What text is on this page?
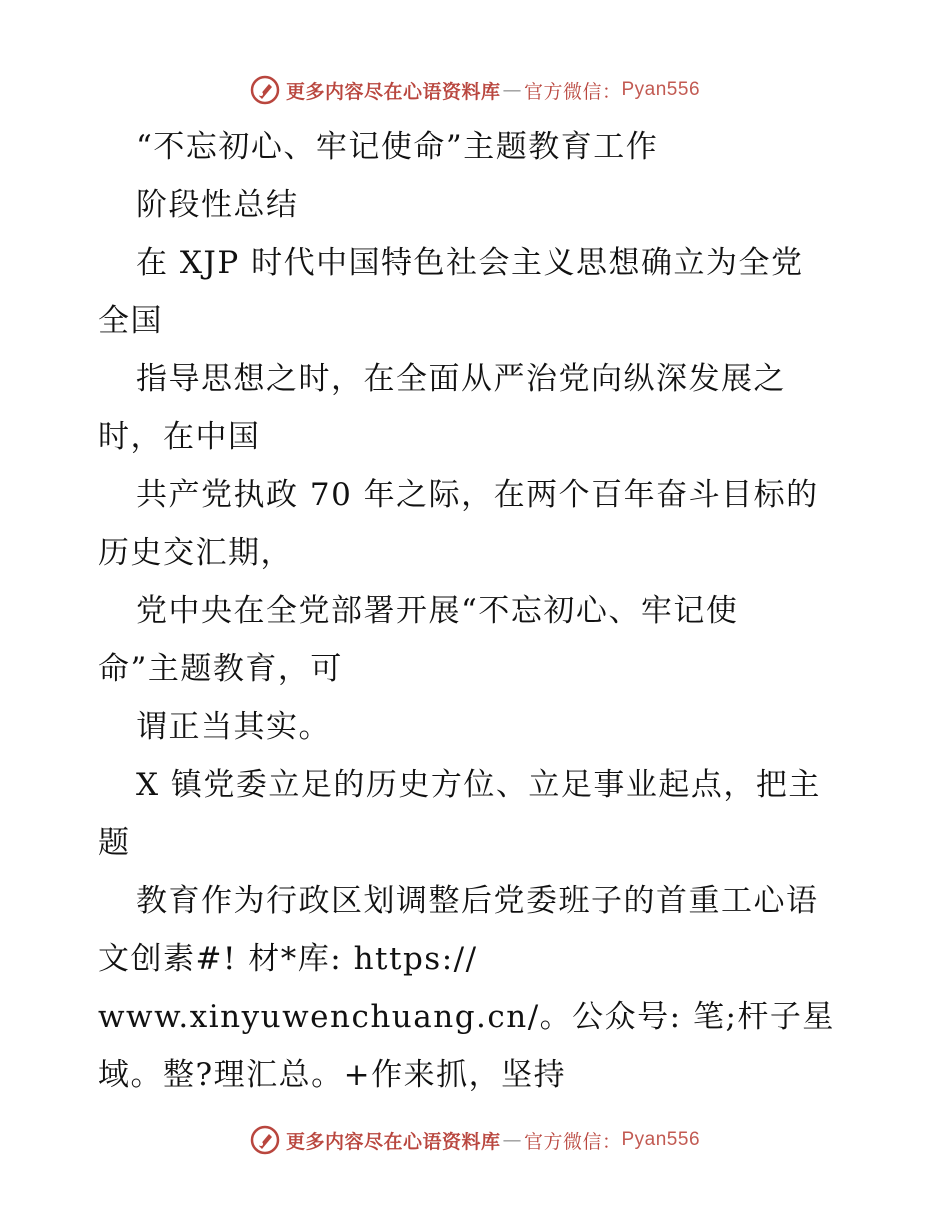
更多内容尽在心语资料库 — 官方微信： Pyan556
“不忘初心、牢记使命”主题教育工作
阶段性总结
在 XJP 时代中国特色社会主义思想确立为全党
全国
指导思想之时，在全面从严治党向纵深发展之
时，在中国
共产党执政 70 年之际，在两个百年奋斗目标的
历史交汇期，
党中央在全党部署开展“不忘初心、牢记使
命”主题教育，可
谓正当其实。
X 镇党委立足的历史方位、立足事业起点，把主
题
教育作为行政区划调整后党委班子的首重工心语
文创素#! 材*库: https://
www.xinyuwenchuang.cn/。公众号: 笔;杆子星
域。整?理汇总。+作来抓，坚持
更多内容尽在心语资料库 — 官方微信： Pyan556
